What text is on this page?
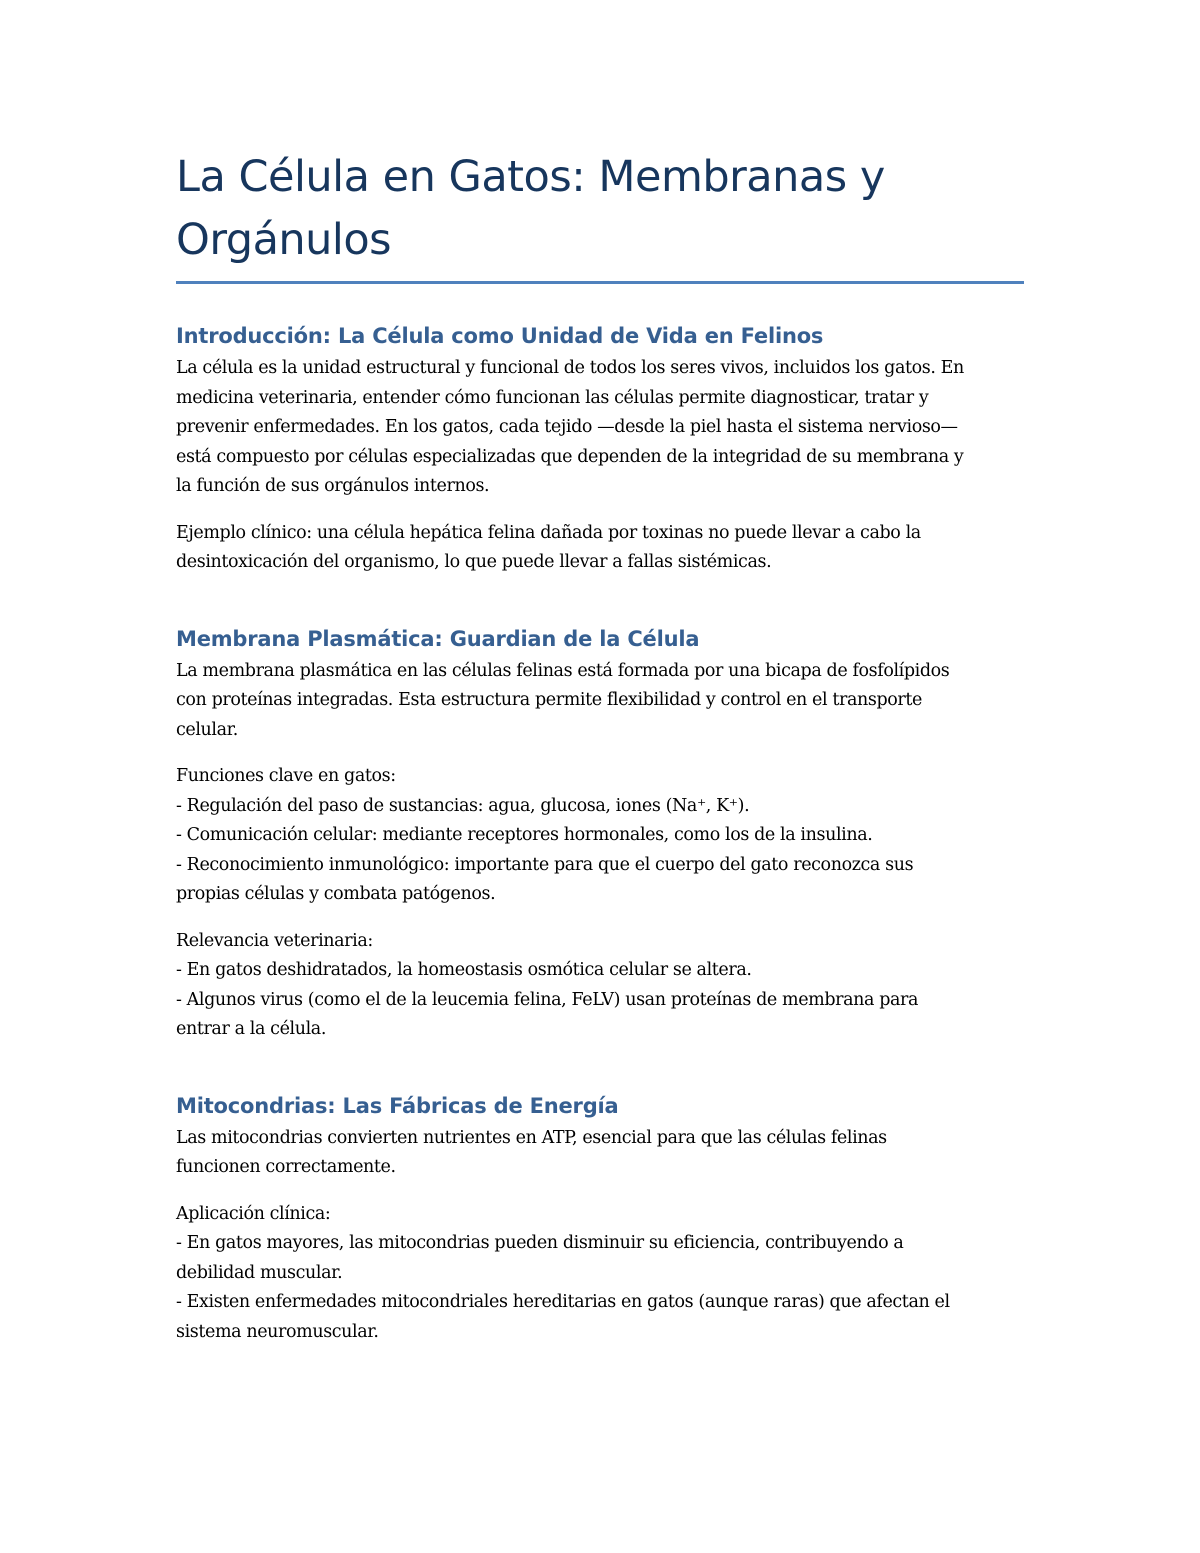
La Célula en Gatos: Membranas y
Orgánulos
Introducción: La Célula como Unidad de Vida en Felinos

La célula es la unidad estructural y funcional de todos los seres vivos, incluidos los gatos. En
medicina veterinaria, entender cómo funcionan las células permite diagnosticar, tratar y
prevenir enfermedades. En los gatos, cada tejido —desde la piel hasta el sistema nervioso—
está compuesto por células especializadas que dependen de la integridad de su membrana y
la función de sus orgánulos internos.

Ejemplo clínico: una célula hepática felina dañada por toxinas no puede llevar a cabo la
desintoxicación del organismo, lo que puede llevar a fallas sistémicas.

Membrana Plasmática: Guardian de la Célula

La membrana plasmática en las células felinas está formada por una bicapa de fosfolípidos
con proteínas integradas. Esta estructura permite flexibilidad y control en el transporte
celular.

Funciones clave en gatos:
- Regulación del paso de sustancias: agua, glucosa, iones (Na⁺, K⁺).
- Comunicación celular: mediante receptores hormonales, como los de la insulina.
- Reconocimiento inmunológico: importante para que el cuerpo del gato reconozca sus
propias células y combata patógenos.

Relevancia veterinaria:
- En gatos deshidratados, la homeostasis osmótica celular se altera.
- Algunos virus (como el de la leucemia felina, FeLV) usan proteínas de membrana para
entrar a la célula.

Mitocondrias: Las Fábricas de Energía

Las mitocondrias convierten nutrientes en ATP, esencial para que las células felinas
funcionen correctamente.

Aplicación clínica:
- En gatos mayores, las mitocondrias pueden disminuir su eficiencia, contribuyendo a
debilidad muscular.
- Existen enfermedades mitocondriales hereditarias en gatos (aunque raras) que afectan el
sistema neuromuscular.
